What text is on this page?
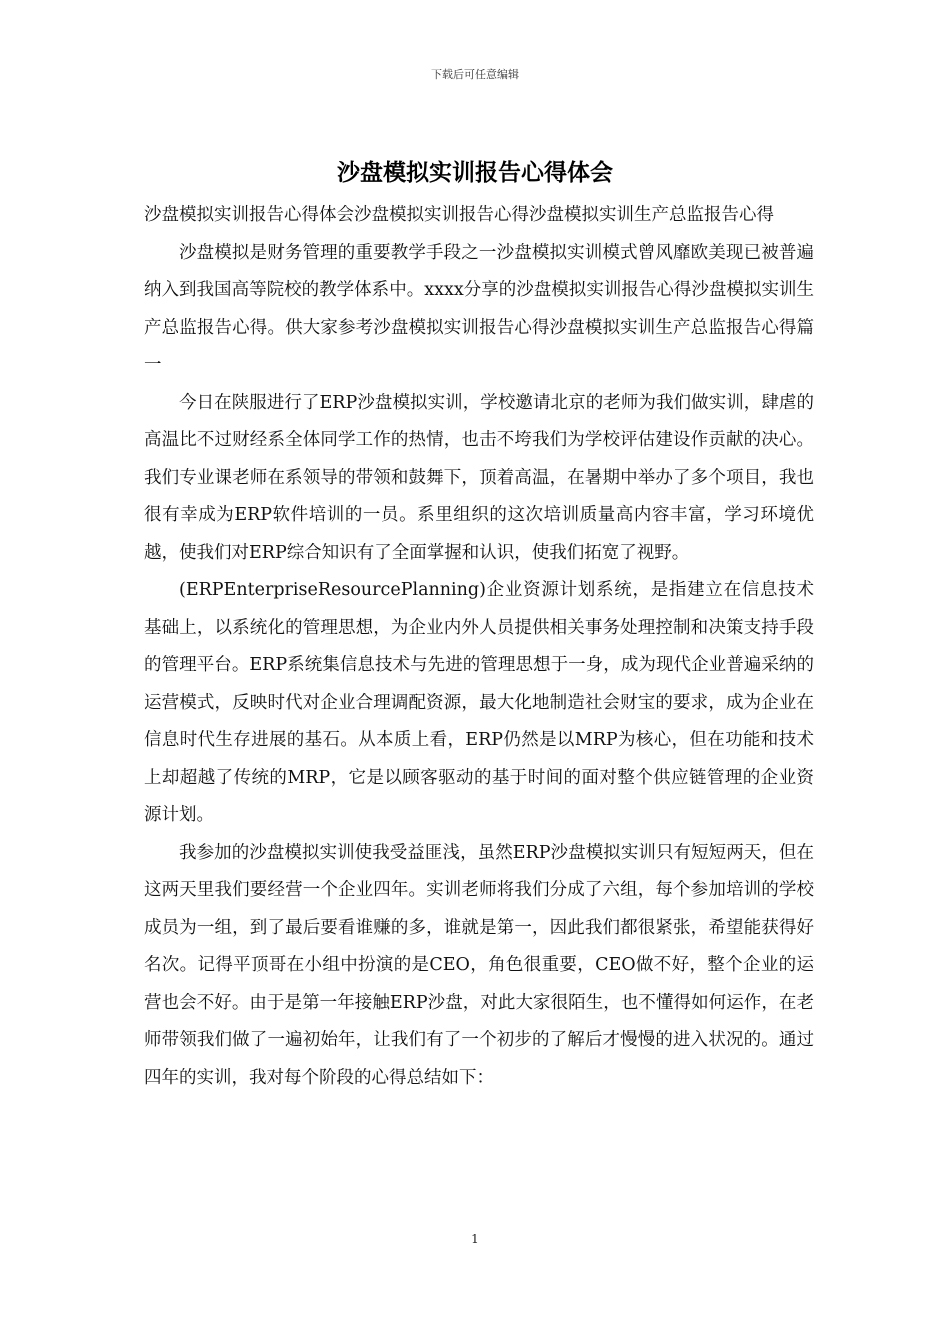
下载后可任意编辑
沙盘模拟实训报告心得体会

沙盘模拟实训报告心得体会沙盘模拟实训报告心得沙盘模拟实训生产总监报告心得

沙盘模拟是财务管理的重要教学手段之一沙盘模拟实训模式曾风靡欧美现已被普遍纳入到我国高等院校的教学体系中。xxxx分享的沙盘模拟实训报告心得沙盘模拟实训生产总监报告心得。供大家参考沙盘模拟实训报告心得沙盘模拟实训生产总监报告心得篇一

今日在陕服进行了ERP沙盘模拟实训，学校邀请北京的老师为我们做实训，肆虐的高温比不过财经系全体同学工作的热情，也击不垮我们为学校评估建设作贡献的决心。我们专业课老师在系领导的带领和鼓舞下，顶着高温，在暑期中举办了多个项目，我也很有幸成为ERP软件培训的一员。系里组织的这次培训质量高内容丰富，学习环境优越，使我们对ERP综合知识有了全面掌握和认识，使我们拓宽了视野。

(ERPEnterpriseResourcePlanning)企业资源计划系统，是指建立在信息技术基础上，以系统化的管理思想，为企业内外人员提供相关事务处理控制和决策支持手段的管理平台。ERP系统集信息技术与先进的管理思想于一身，成为现代企业普遍采纳的运营模式，反映时代对企业合理调配资源，最大化地制造社会财宝的要求，成为企业在信息时代生存进展的基石。从本质上看，ERP仍然是以MRP为核心，但在功能和技术上却超越了传统的MRP，它是以顾客驱动的基于时间的面对整个供应链管理的企业资源计划。

我参加的沙盘模拟实训使我受益匪浅，虽然ERP沙盘模拟实训只有短短两天，但在这两天里我们要经营一个企业四年。实训老师将我们分成了六组，每个参加培训的学校成员为一组，到了最后要看谁赚的多，谁就是第一，因此我们都很紧张，希望能获得好名次。记得平顶哥在小组中扮演的是CEO，角色很重要，CEO做不好，整个企业的运营也会不好。由于是第一年接触ERP沙盘，对此大家很陌生，也不懂得如何运作，在老师带领我们做了一遍初始年，让我们有了一个初步的了解后才慢慢的进入状况的。通过四年的实训，我对每个阶段的心得总结如下：

1
